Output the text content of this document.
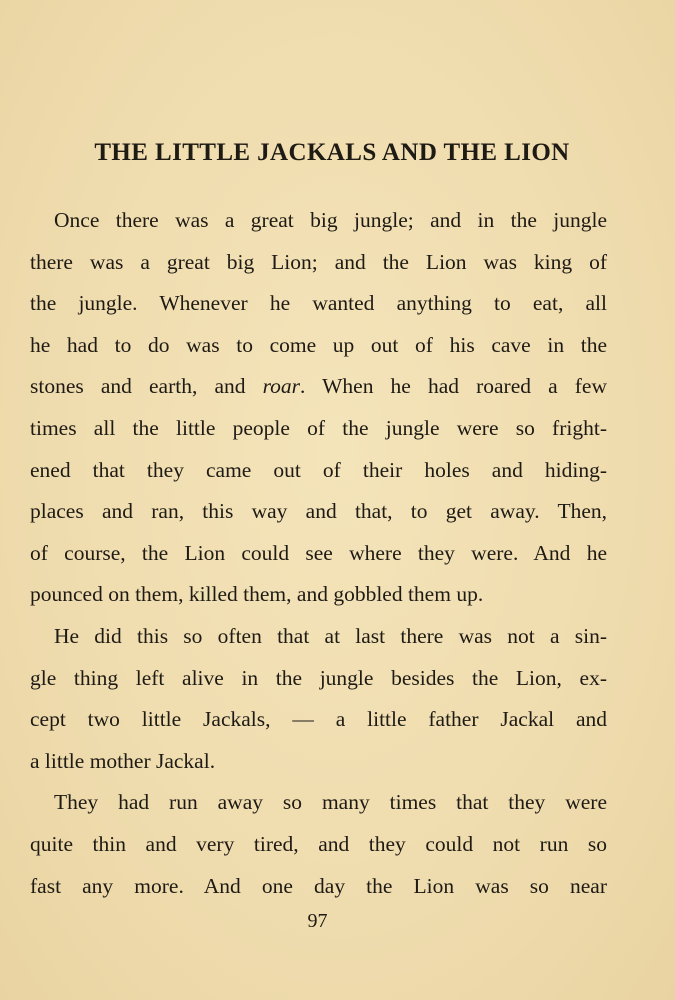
THE LITTLE JACKALS AND THE LION
Once there was a great big jungle; and in the jungle
there was a great big Lion; and the Lion was king of
the jungle. Whenever he wanted anything to eat, all
he had to do was to come up out of his cave in the
stones and earth, and roar. When he had roared a few
times all the little people of the jungle were so fright-
ened that they came out of their holes and hiding-
places and ran, this way and that, to get away. Then,
of course, the Lion could see where they were. And he
pounced on them, killed them, and gobbled them up.
He did this so often that at last there was not a sin-
gle thing left alive in the jungle besides the Lion, ex-
cept two little Jackals, — a little father Jackal and
a little mother Jackal.
They had run away so many times that they were
quite thin and very tired, and they could not run so
fast any more. And one day the Lion was so near

97
